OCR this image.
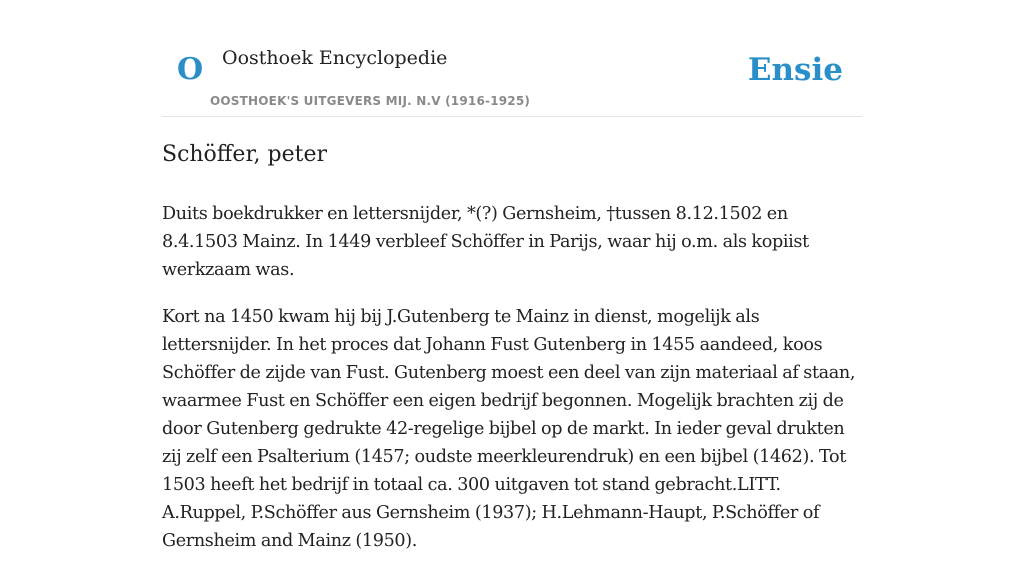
O Oosthoek Encyclopedie
OOSTHOEK'S UITGEVERS MIJ. N.V (1916-1925)
Ensie
Schöffer, peter

Duits boekdrukker en lettersnijder, *(?) Gernsheim, †tussen 8.12.1502 en 8.4.1503 Mainz. In 1449 verbleef Schöffer in Parijs, waar hij o.m. als kopiist werkzaam was.

Kort na 1450 kwam hij bij J.Gutenberg te Mainz in dienst, mogelijk als lettersnijder. In het proces dat Johann Fust Gutenberg in 1455 aandeed, koos Schöffer de zijde van Fust. Gutenberg moest een deel van zijn materiaal af staan, waarmee Fust en Schöffer een eigen bedrijf begonnen. Mogelijk brachten zij de door Gutenberg gedrukte 42-regelige bijbel op de markt. In ieder geval drukten zij zelf een Psalterium (1457; oudste meerkleurendruk) en een bijbel (1462). Tot 1503 heeft het bedrijf in totaal ca. 300 uitgaven tot stand gebracht.LITT. A.Ruppel, P.Schöffer aus Gernsheim (1937); H.Lehmann-Haupt, P.Schöffer of Gernsheim and Mainz (1950).
